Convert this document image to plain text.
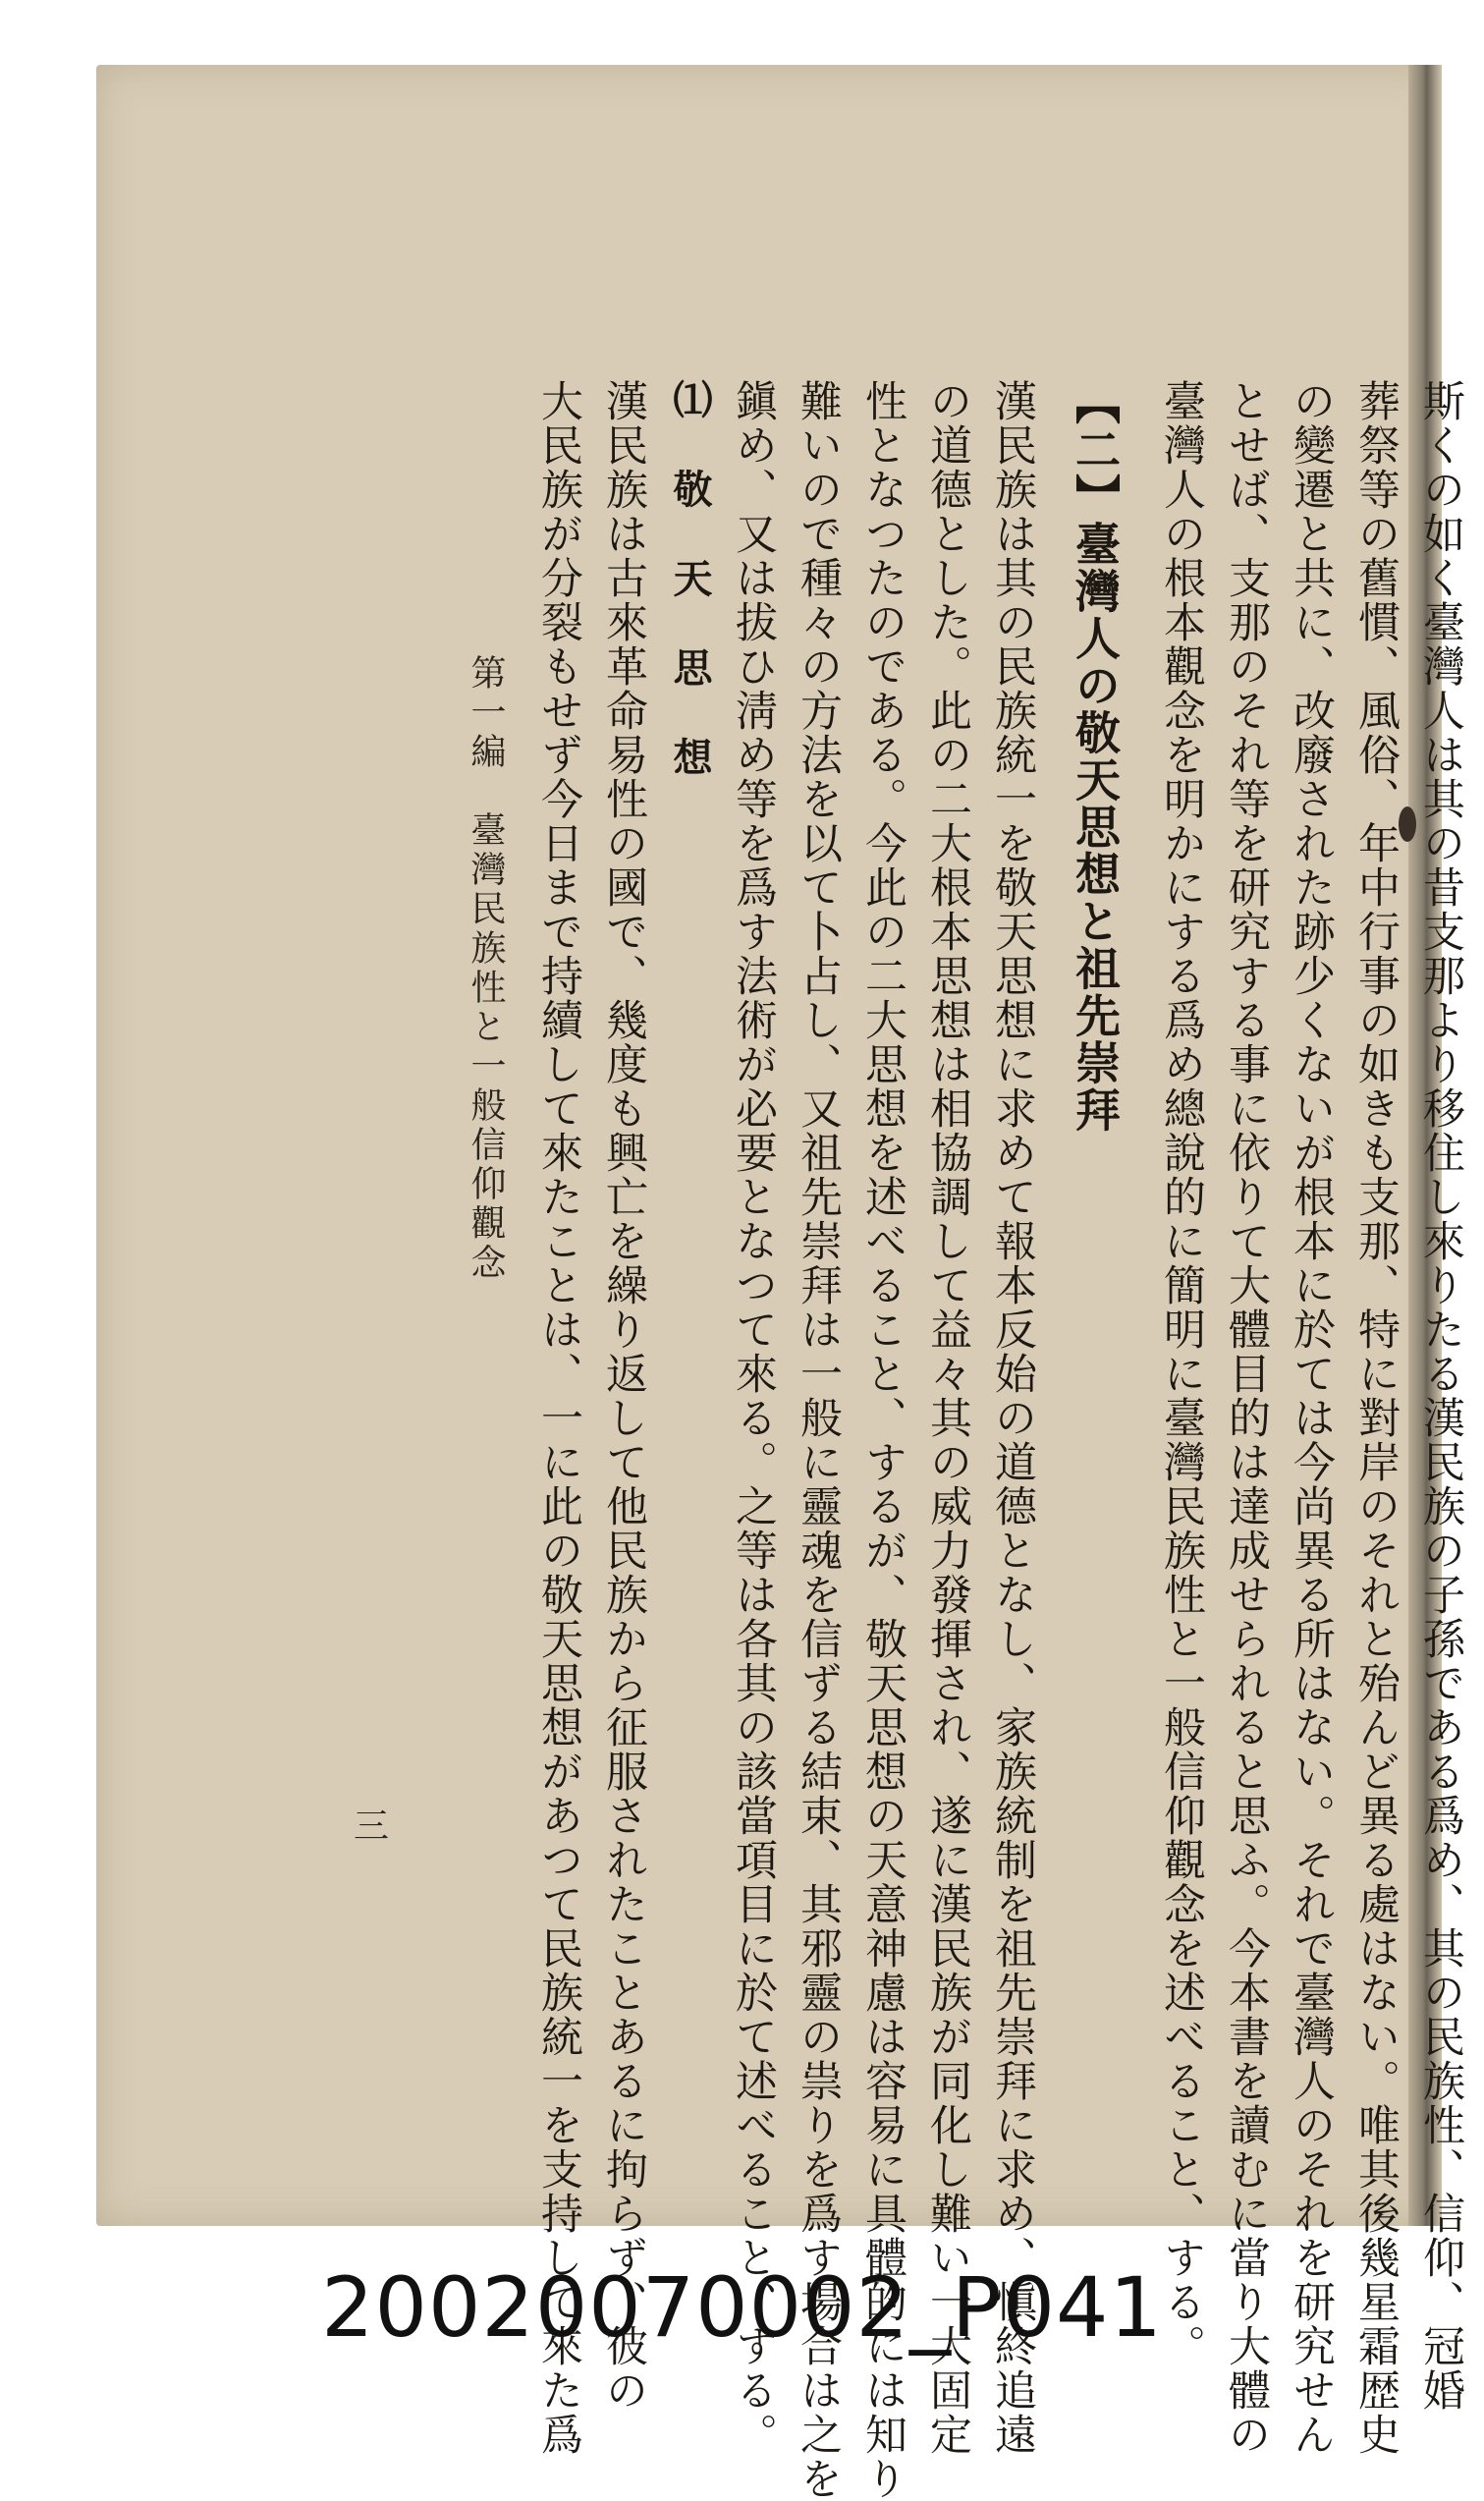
斯くの如く臺灣人は其の昔支那より移住し來りたる漢民族の子孫である爲め、其の民族性、信仰、冠婚
葬祭等の舊慣、風俗、年中行事の如きも支那、特に對岸のそれと殆んど異る處はない。唯其後幾星霜歴史
の變遷と共に、改廢された跡少くないが根本に於ては今尚異る所はない。それで臺灣人のそれを研究せん
とせば、支那のそれ等を研究する事に依りて大體目的は達成せられると思ふ。今本書を讀むに當り大體の
臺灣人の根本觀念を明かにする爲め總說的に簡明に臺灣民族性と一般信仰觀念を述べること、する。
【二】臺灣人の敬天思想と祖先崇拜
漢民族は其の民族統一を敬天思想に求めて報本反始の道德となし、家族統制を祖先崇拜に求め、愼終追遠
の道德とした。此の二大根本思想は相協調して益々其の威力發揮され、遂に漢民族が同化し難い一大固定
性となつたのである。今此の二大思想を述べること、するが、敬天思想の天意神慮は容易に具體的には知り
難いので種々の方法を以て卜占し、又祖先崇拜は一般に靈魂を信ずる結束、其邪靈の祟りを爲す場合は之を
鎭め、又は拔ひ淸め等を爲す法術が必要となつて來る。之等は各其の該當項目に於て述べること、する。
⑴ 敬 天 思 想
漢民族は古來革命易性の國で、幾度も興亡を繰り返して他民族から征服されたことあるに拘らず、彼の
大民族が分裂もせず今日まで持續して來たことは、一に此の敬天思想があつて民族統一を支持して來た爲
第一編　臺灣民族性と一般信仰觀念
三
20020070002_P041
